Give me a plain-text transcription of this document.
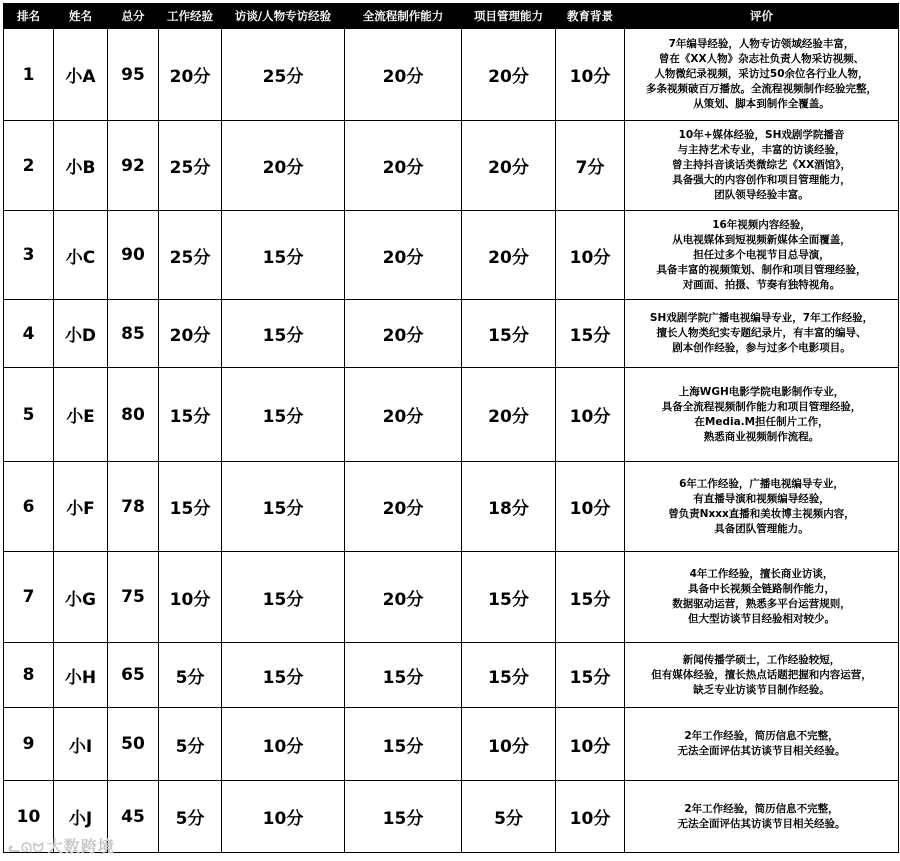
排名	姓名	总分	工作经验	访谈/人物专访经验	全流程制作能力	项目管理能力	教育背景	评价
1	小A	95	20分	25分	20分	20分	10分	7年编导经验，人物专访领域经验丰富，
曾在《XX人物》杂志社负责人物采访视频、
人物微纪录视频，采访过50余位各行业人物，
多条视频破百万播放。全流程视频制作经验完整，
从策划、脚本到制作全覆盖。

2	小B	92	25分	20分	20分	20分	7分	10年+媒体经验，SH戏剧学院播音
与主持艺术专业，丰富的访谈经验，
曾主持抖音谈话类微综艺《XX酒馆》，
具备强大的内容创作和项目管理能力，
团队领导经验丰富。

3	小C	90	25分	15分	20分	20分	10分	16年视频内容经验，
从电视媒体到短视频新媒体全面覆盖，
担任过多个电视节目总导演，
具备丰富的视频策划、制作和项目管理经验，
对画面、拍摄、节奏有独特视角。

4	小D	85	20分	15分	20分	15分	15分	SH戏剧学院广播电视编导专业，7年工作经验，
擅长人物类纪实专题纪录片，有丰富的编导、
剧本创作经验，参与过多个电影项目。

5	小E	80	15分	15分	20分	20分	10分	上海WGH电影学院电影制作专业，
具备全流程视频制作能力和项目管理经验，
在Media.M担任制片工作，
熟悉商业视频制作流程。

6	小F	78	15分	15分	20分	18分	10分	6年工作经验，广播电视编导专业，
有直播导演和视频编导经验，
曾负责Nxxx直播和美妆博主视频内容，
具备团队管理能力。

7	小G	75	10分	15分	20分	15分	15分	4年工作经验，擅长商业访谈，
具备中长视频全链路制作能力，
数据驱动运营，熟悉多平台运营规则，
但大型访谈节目经验相对较少。

8	小H	65	5分	15分	15分	15分	15分	新闻传播学硕士，工作经验较短，
但有媒体经验，擅长热点话题把握和内容运营，
缺乏专业访谈节目制作经验。

9	小I	50	5分	10分	15分	10分	10分	2年工作经验，简历信息不完整，
无法全面评估其访谈节目相关经验。

10	小J	45	5分	10分	15分	5分	10分	2年工作经验，简历信息不完整，
无法全面评估其访谈节目相关经验。
ᓚᘏᗢ 大数跨境
